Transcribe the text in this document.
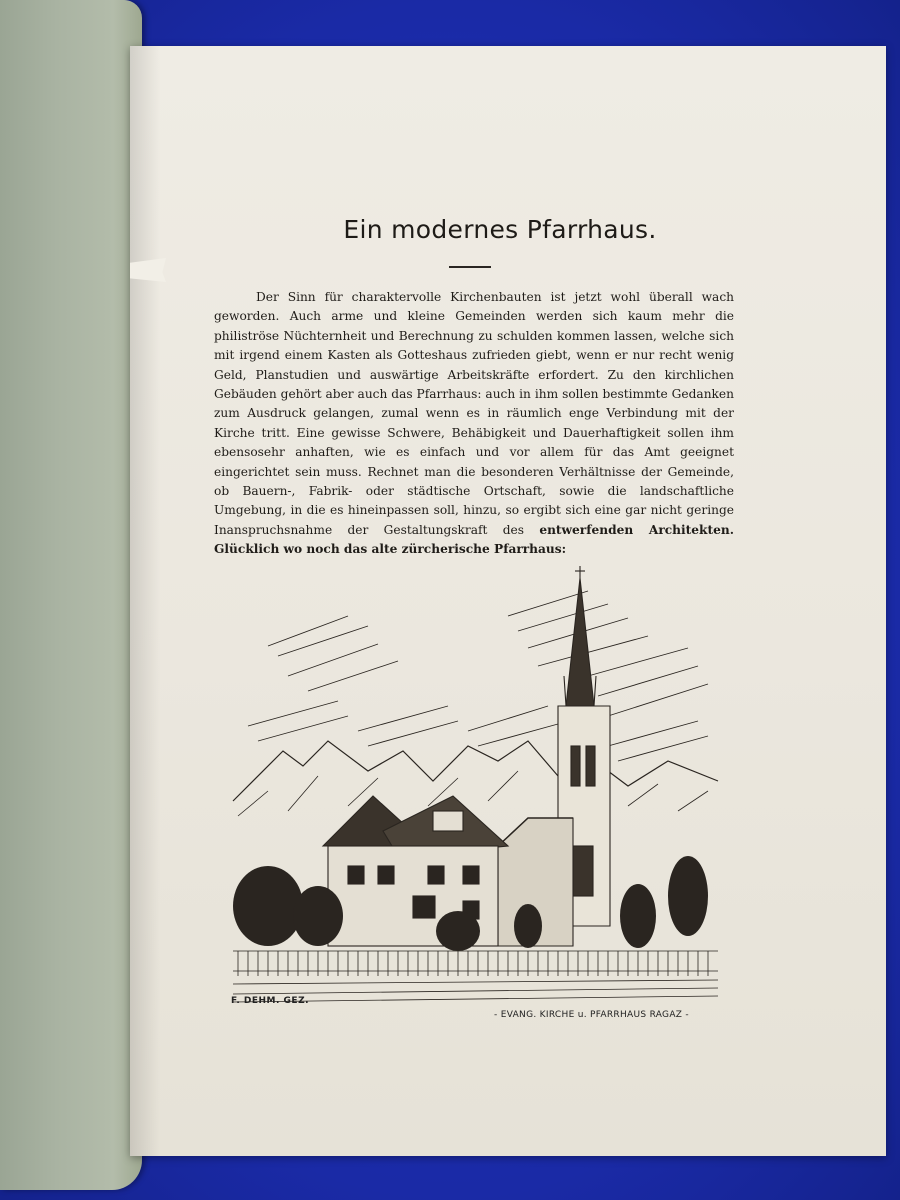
Ein modernes Pfarrhaus.
Der Sinn für charaktervolle Kirchenbauten ist jetzt wohl überall wach geworden. Auch arme und kleine Gemeinden werden sich kaum mehr die philiströse Nüchternheit und Berechnung zu schulden kommen lassen, welche sich mit irgend einem Kasten als Gotteshaus zufrieden giebt, wenn er nur recht wenig Geld, Planstudien und auswärtige Arbeitskräfte erfordert. Zu den kirchlichen Gebäuden gehört aber auch das Pfarrhaus: auch in ihm sollen bestimmte Gedanken zum Ausdruck gelangen, zumal wenn es in räumlich enge Verbindung mit der Kirche tritt. Eine gewisse Schwere, Behäbigkeit und Dauerhaftigkeit sollen ihm ebensosehr anhaften, wie es einfach und vor allem für das Amt geeignet eingerichtet sein muss. Rechnet man die besonderen Verhältnisse der Gemeinde, ob Bauern-, Fabrik- oder städtische Ortschaft, sowie die landschaftliche Umgebung, in die es hineinpassen soll, hinzu, so ergibt sich eine gar nicht geringe Inanspruchsnahme der Gestaltungskraft des entwerfenden Architekten. Glücklich wo noch das alte zürcherische Pfarrhaus:
F. DEHM. GEZ.
- EVANG. KIRCHE u. PFARRHAUS RAGAZ -
